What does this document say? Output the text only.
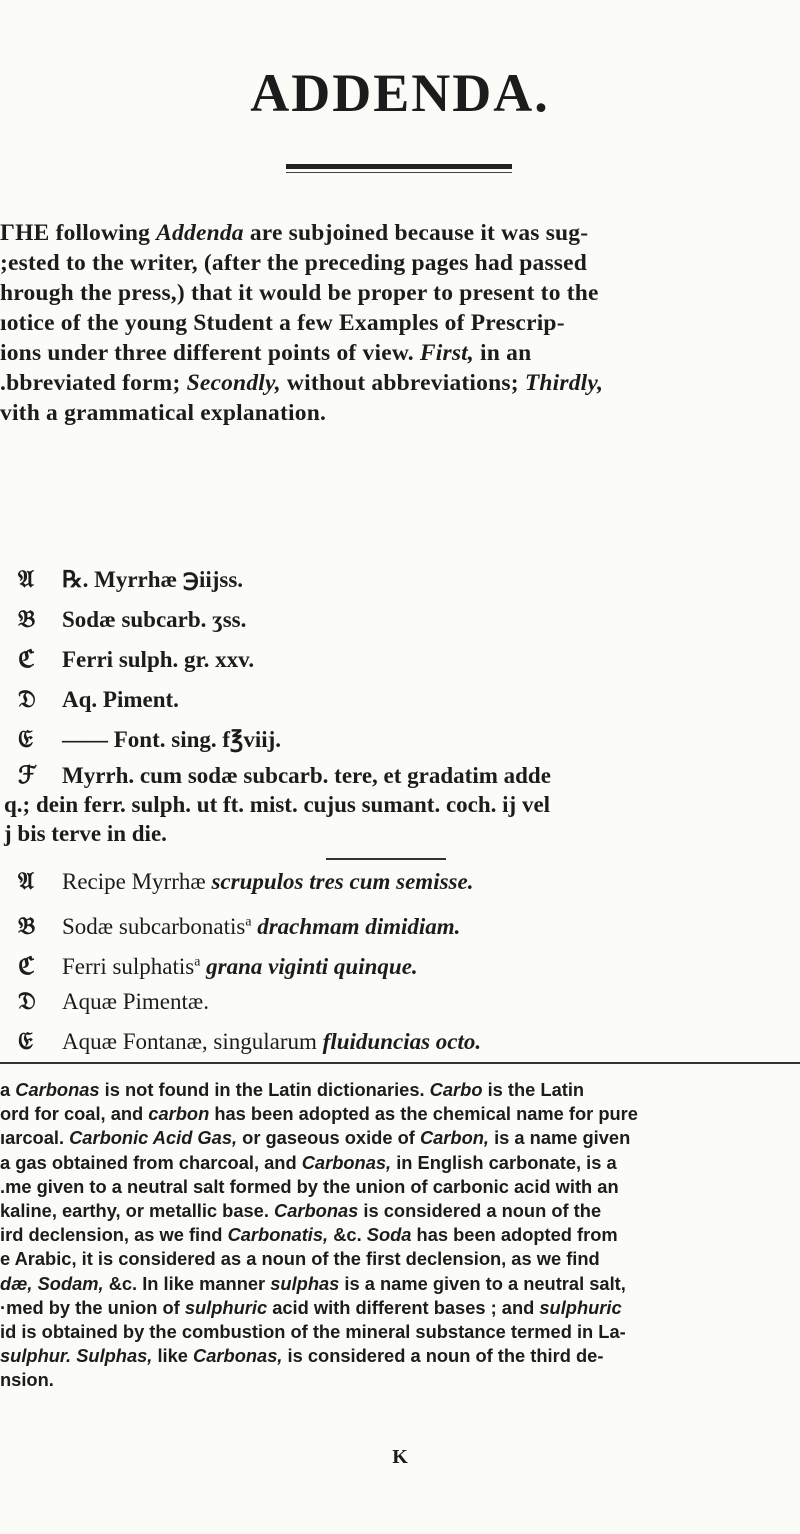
ADDENDA.
ГHE following Addenda are subjoined because it was sug-
;ested to the writer, (after the preceding pages had passed
hrough the press,) that it would be proper to present to the
ıotice of the young Student a few Examples of Prescrip-
ions under three different points of view. First, in an
.bbreviated form; Secondly, without abbreviations; Thirdly,
vith a grammatical explanation.
𝔄 ℞. Myrrhæ ℈iijss.
𝔅 Sodæ subcarb. ʒss.
ℭ Ferri sulph. gr. xxv.
𝔇 Aq. Piment.
𝔈 —— Font. sing. f℥viij.
ℱ Myrrh. cum sodæ subcarb. tere, et gradatim adde
q.; dein ferr. sulph. ut ft. mist. cujus sumant. coch. ij vel
j bis terve in die.
𝔄 Recipe Myrrhæ scrupulos tres cum semisse.
𝔅 Sodæ subcarbonatis$^a$ drachmam dimidiam.
ℭ Ferri sulphatis$^a$ grana viginti quinque.
𝔇 Aquæ Pimentæ.
𝔈 Aquæ Fontanæ, singularum fluiduncias octo.
a Carbonas is not found in the Latin dictionaries. Carbo is the Latin
ord for coal, and carbon has been adopted as the chemical name for pure
ıarcoal. Carbonic Acid Gas, or gaseous oxide of Carbon, is a name given
a gas obtained from charcoal, and Carbonas, in English carbonate, is a
.me given to a neutral salt formed by the union of carbonic acid with an
kaline, earthy, or metallic base. Carbonas is considered a noun of the
ird declension, as we find Carbonatis, &c. Soda has been adopted from
e Arabic, it is considered as a noun of the first declension, as we find
dæ, Sodam, &c. In like manner sulphas is a name given to a neutral salt,
·med by the union of sulphuric acid with different bases ; and sulphuric
id is obtained by the combustion of the mineral substance termed in La-
sulphur. Sulphas, like Carbonas, is considered a noun of the third de-
nsion.
K
